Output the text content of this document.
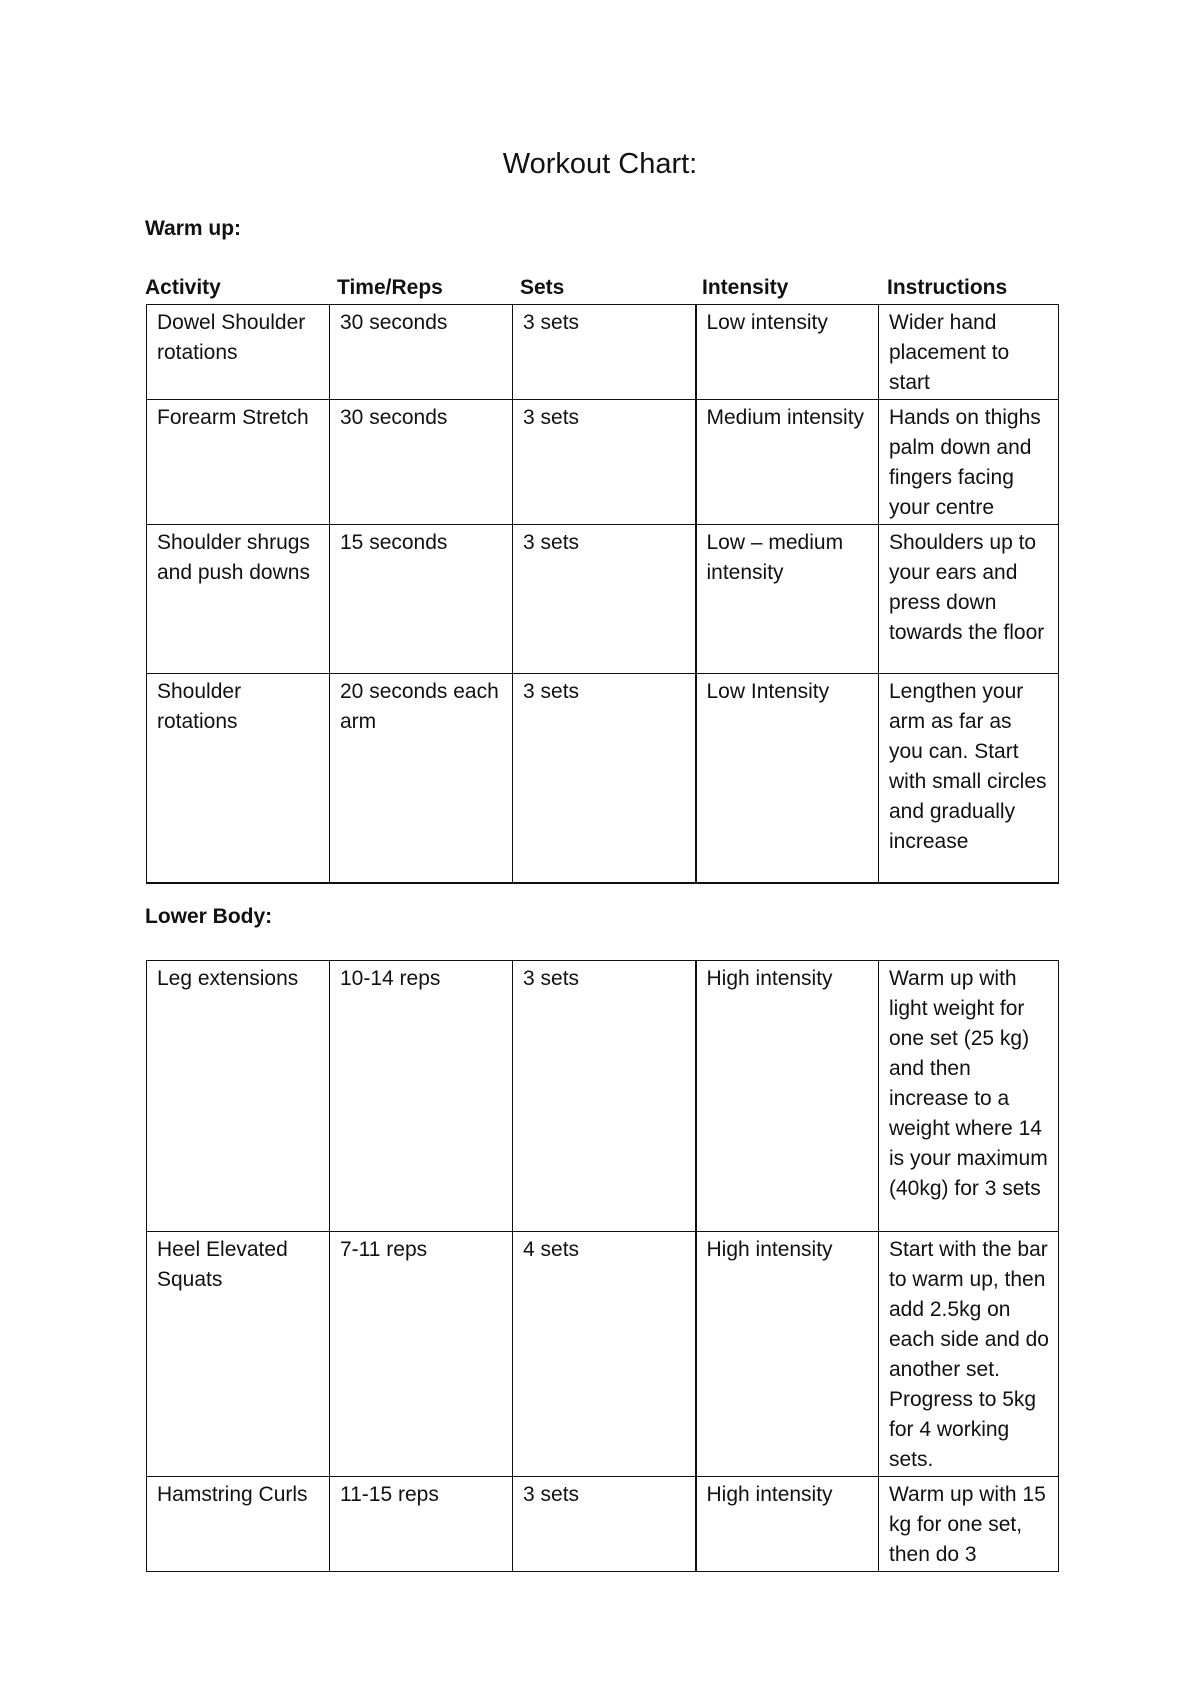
Workout Chart:
Warm up:
Activity	Time/Reps	Sets	Intensity	Instructions
Dowel Shoulder rotations	30 seconds	3 sets	Low intensity	Wider hand placement to start
Forearm Stretch	30 seconds	3 sets	Medium intensity	Hands on thighs palm down and fingers facing your centre
Shoulder shrugs and push downs	15 seconds	3 sets	Low – medium intensity	Shoulders up to your ears and press down towards the floor
Shoulder rotations	20 seconds each arm	3 sets	Low Intensity	Lengthen your arm as far as you can. Start with small circles and gradually increase
Lower Body:
Leg extensions	10-14 reps	3 sets	High intensity	Warm up with light weight for one set (25 kg) and then increase to a weight where 14 is your maximum (40kg) for 3 sets
Heel Elevated Squats	7-11 reps	4 sets	High intensity	Start with the bar to warm up, then add 2.5kg on each side and do another set. Progress to 5kg for 4 working sets.
Hamstring Curls	11-15 reps	3 sets	High intensity	Warm up with 15 kg for one set, then do 3
